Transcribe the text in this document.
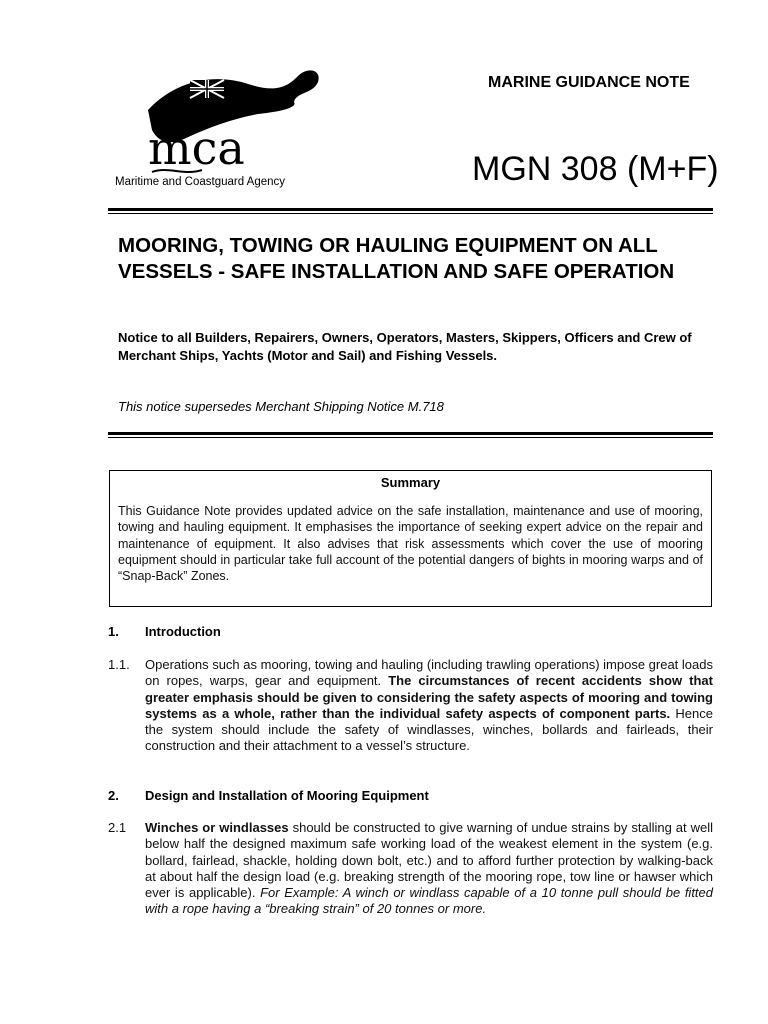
mca
Maritime and Coastguard Agency
MARINE GUIDANCE NOTE
MGN 308 (M+F)
MOORING, TOWING OR HAULING EQUIPMENT ON ALL VESSELS - SAFE INSTALLATION AND SAFE OPERATION
Notice to all Builders, Repairers, Owners, Operators, Masters, Skippers, Officers and Crew of Merchant Ships, Yachts (Motor and Sail) and Fishing Vessels.
This notice supersedes Merchant Shipping Notice M.718
Summary
This Guidance Note provides updated advice on the safe installation, maintenance and use of mooring, towing and hauling equipment. It emphasises the importance of seeking expert advice on the repair and maintenance of equipment. It also advises that risk assessments which cover the use of mooring equipment should in particular take full account of the potential dangers of bights in mooring warps and of “Snap-Back” Zones.
1. Introduction
1.1. Operations such as mooring, towing and hauling (including trawling operations) impose great loads on ropes, warps, gear and equipment. The circumstances of recent accidents show that greater emphasis should be given to considering the safety aspects of mooring and towing systems as a whole, rather than the individual safety aspects of component parts. Hence the system should include the safety of windlasses, winches, bollards and fairleads, their construction and their attachment to a vessel’s structure.
2. Design and Installation of Mooring Equipment
2.1 Winches or windlasses should be constructed to give warning of undue strains by stalling at well below half the designed maximum safe working load of the weakest element in the system (e.g. bollard, fairlead, shackle, holding down bolt, etc.) and to afford further protection by walking-back at about half the design load (e.g. breaking strength of the mooring rope, tow line or hawser which ever is applicable). For Example: A winch or windlass capable of a 10 tonne pull should be fitted with a rope having a “breaking strain” of 20 tonnes or more.
